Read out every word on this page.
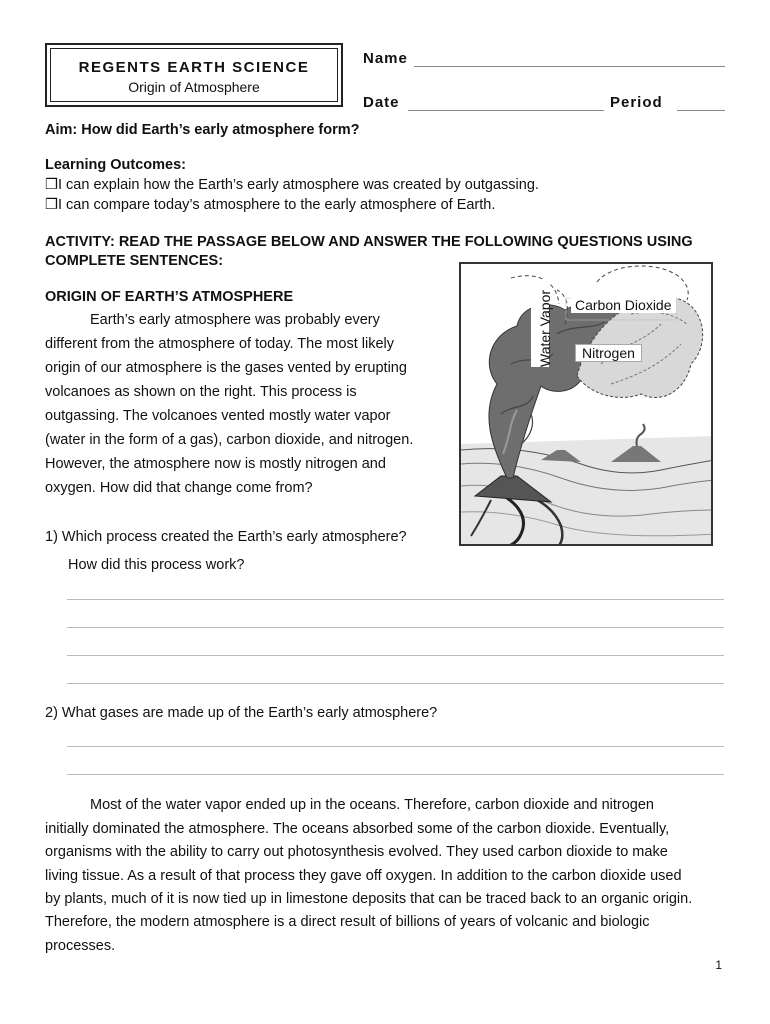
REGENTS EARTH SCIENCE
Origin of Atmosphere
Name
Date	Period
Aim: How did Earth’s early atmosphere form?
Learning Outcomes:
❒I can explain how the Earth’s early atmosphere was created by outgassing.
❒I can compare today’s atmosphere to the early atmosphere of Earth.
ACTIVITY: READ THE PASSAGE BELOW AND ANSWER THE FOLLOWING QUESTIONS USING
COMPLETE SENTENCES:
ORIGIN OF EARTH’S ATMOSPHERE
Earth’s early atmosphere was probably every
different from the atmosphere of today. The most likely
origin of our atmosphere is the gases vented by erupting
volcanoes as shown on the right. This process is
outgassing. The volcanoes vented mostly water vapor
(water in the form of a gas), carbon dioxide, and nitrogen.
However, the atmosphere now is mostly nitrogen and
oxygen. How did that change come from?
Water Vapor Carbon Dioxide
Nitrogen
1) Which process created the Earth’s early atmosphere?
How did this process work?
2) What gases are made up of the Earth’s early atmosphere?
Most of the water vapor ended up in the oceans. Therefore, carbon dioxide and nitrogen
initially dominated the atmosphere. The oceans absorbed some of the carbon dioxide. Eventually,
organisms with the ability to carry out photosynthesis evolved. They used carbon dioxide to make
living tissue. As a result of that process they gave off oxygen. In addition to the carbon dioxide used
by plants, much of it is now tied up in limestone deposits that can be traced back to an organic origin.
Therefore, the modern atmosphere is a direct result of billions of years of volcanic and biologic
processes.
1
